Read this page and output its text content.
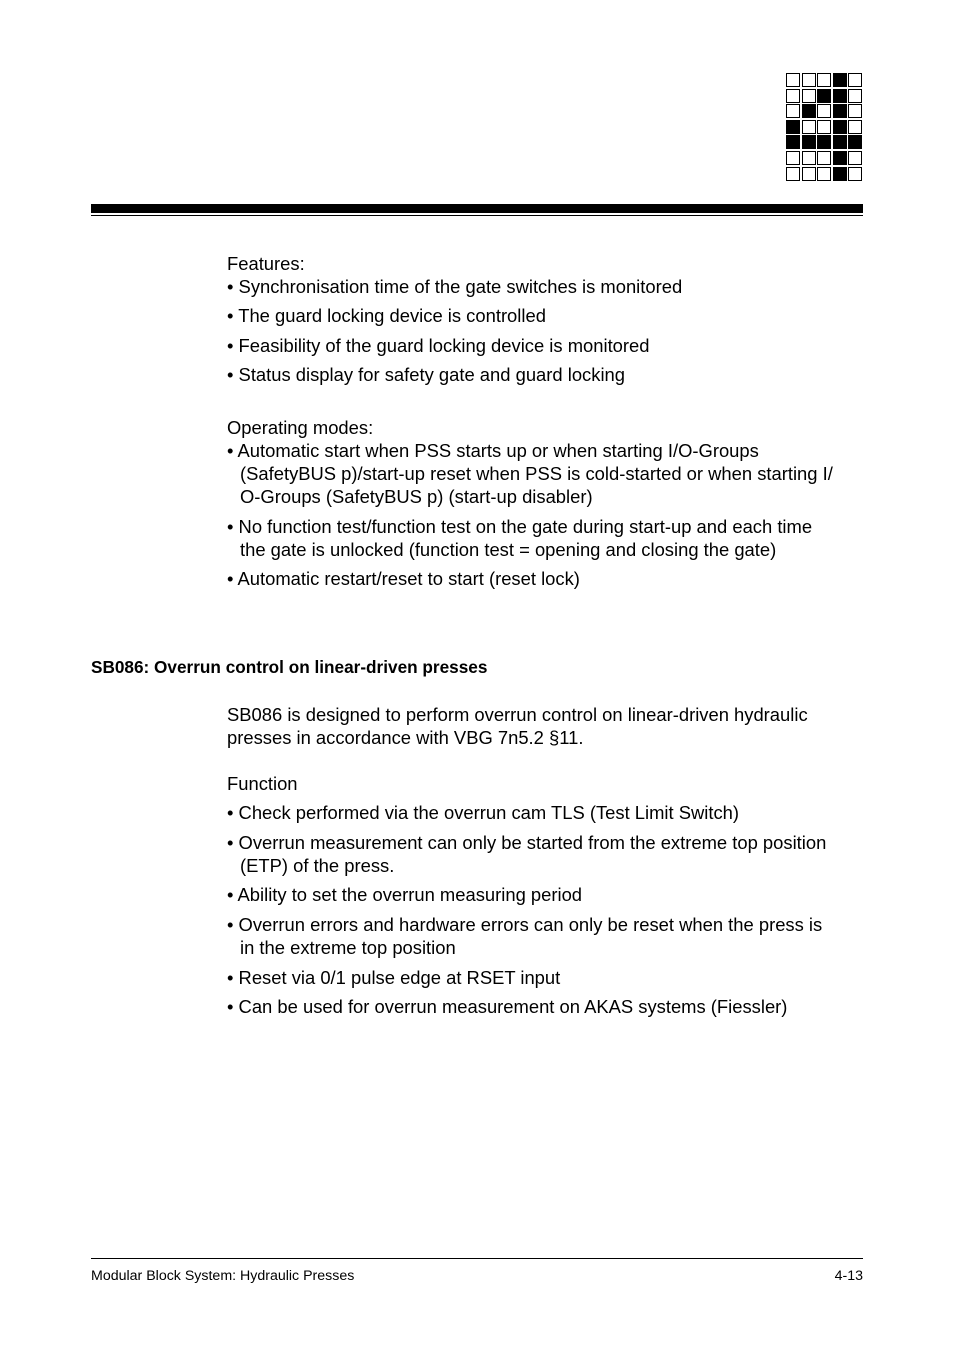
Features:
• Synchronisation time of the gate switches is monitored
• The guard locking device is controlled
• Feasibility of the guard locking device is monitored
• Status display for safety gate and guard locking
Operating modes:
• Automatic start when PSS starts up or when starting I/O-Groups
(SafetyBUS p)/start-up reset when PSS is cold-started or when starting I/
O-Groups (SafetyBUS p) (start-up disabler)
• No function test/function test on the gate during start-up and each time
the gate is unlocked (function test = opening and closing the gate)
• Automatic restart/reset to start (reset lock)
SB086: Overrun control on linear-driven presses
SB086 is designed to perform overrun control on linear-driven hydraulic
presses in accordance with VBG 7n5.2 §11.
Function
• Check performed via the overrun cam TLS (Test Limit Switch)
• Overrun measurement can only be started from the extreme top position
(ETP) of the press.
• Ability to set the overrun measuring period
• Overrun errors and hardware errors can only be reset when the press is
in the extreme top position
• Reset via 0/1 pulse edge at RSET input
• Can be used for overrun measurement on AKAS systems (Fiessler)
Modular Block System: Hydraulic Presses	4-13
